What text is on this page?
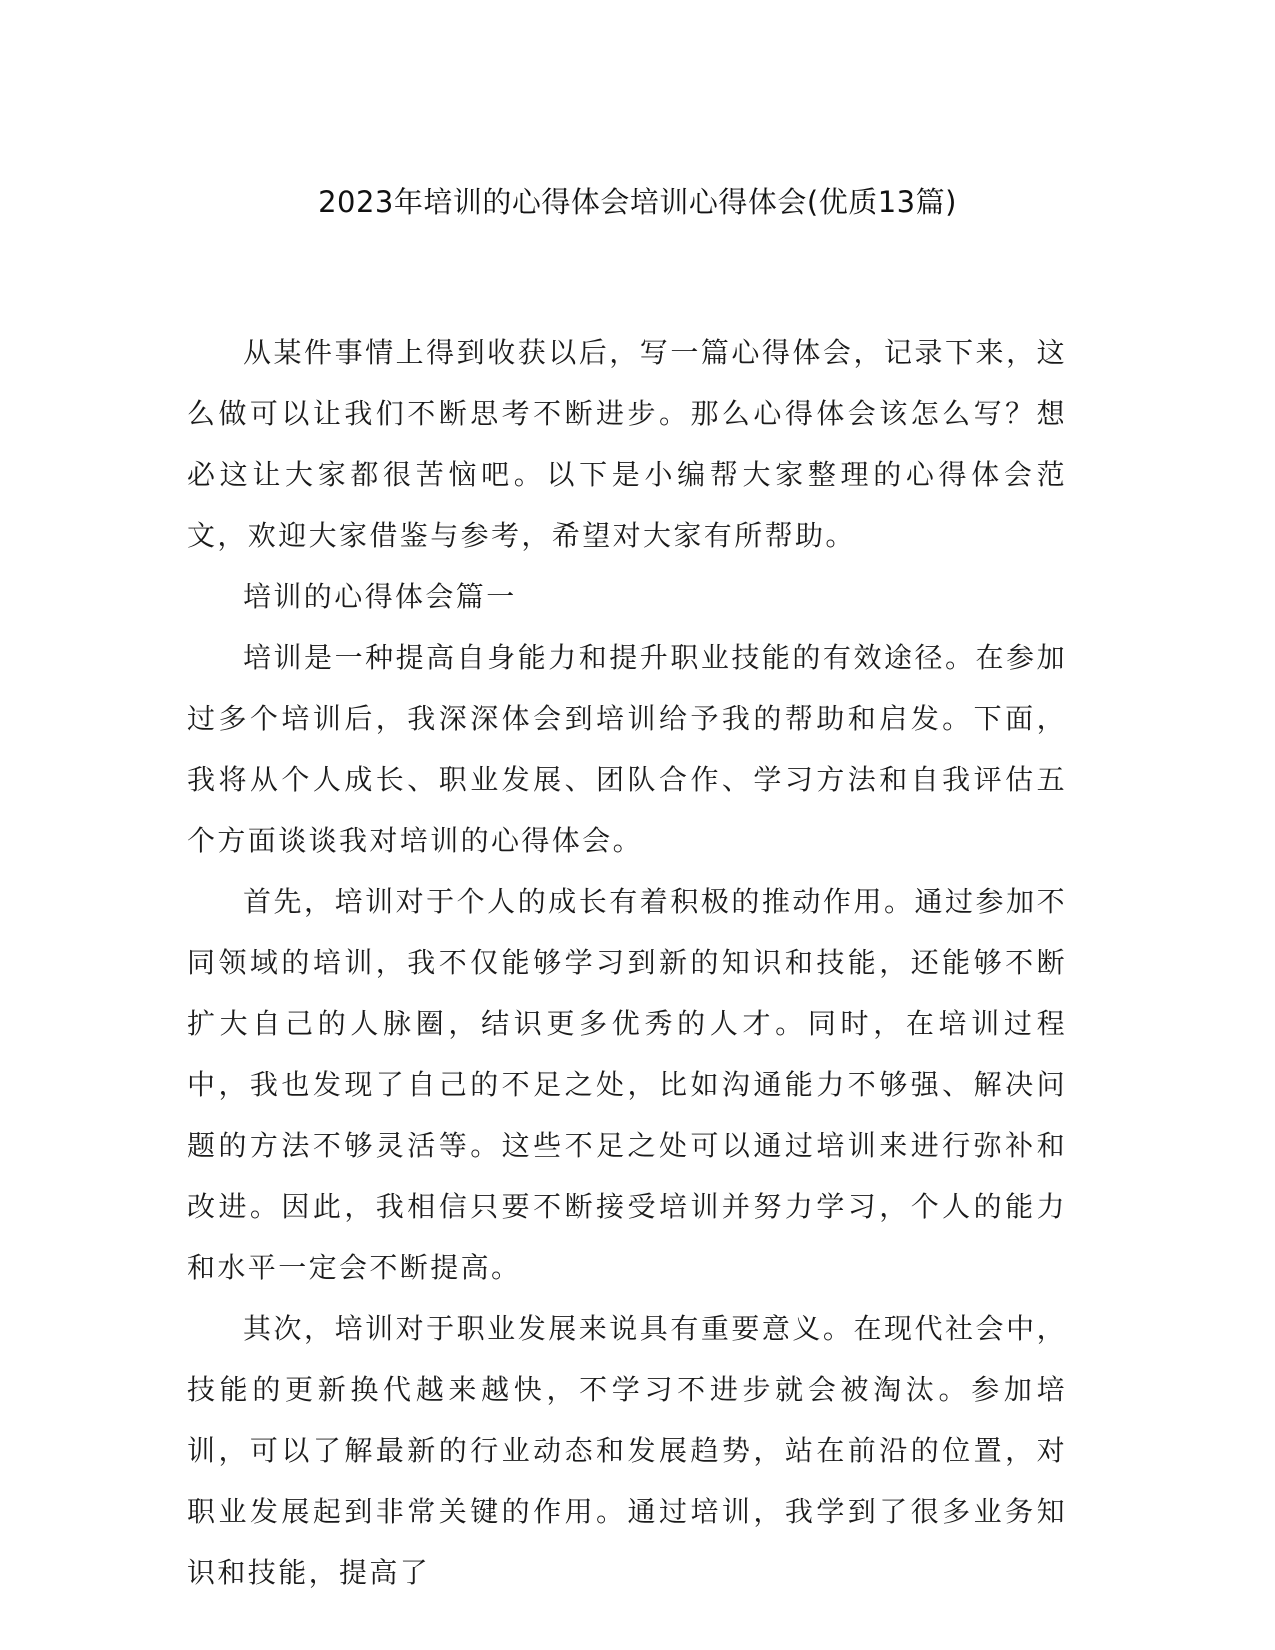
2023年培训的心得体会培训心得体会(优质13篇)

从某件事情上得到收获以后，写一篇心得体会，记录下来，这么做可以让我们不断思考不断进步。那么心得体会该怎么写？想必这让大家都很苦恼吧。以下是小编帮大家整理的心得体会范文，欢迎大家借鉴与参考，希望对大家有所帮助。

培训的心得体会篇一

培训是一种提高自身能力和提升职业技能的有效途径。在参加过多个培训后，我深深体会到培训给予我的帮助和启发。下面，我将从个人成长、职业发展、团队合作、学习方法和自我评估五个方面谈谈我对培训的心得体会。

首先，培训对于个人的成长有着积极的推动作用。通过参加不同领域的培训，我不仅能够学习到新的知识和技能，还能够不断扩大自己的人脉圈，结识更多优秀的人才。同时，在培训过程中，我也发现了自己的不足之处，比如沟通能力不够强、解决问题的方法不够灵活等。这些不足之处可以通过培训来进行弥补和改进。因此，我相信只要不断接受培训并努力学习，个人的能力和水平一定会不断提高。

其次，培训对于职业发展来说具有重要意义。在现代社会中，技能的更新换代越来越快，不学习不进步就会被淘汰。参加培训，可以了解最新的行业动态和发展趋势，站在前沿的位置，对职业发展起到非常关键的作用。通过培训，我学到了很多业务知识和技能，提高了
